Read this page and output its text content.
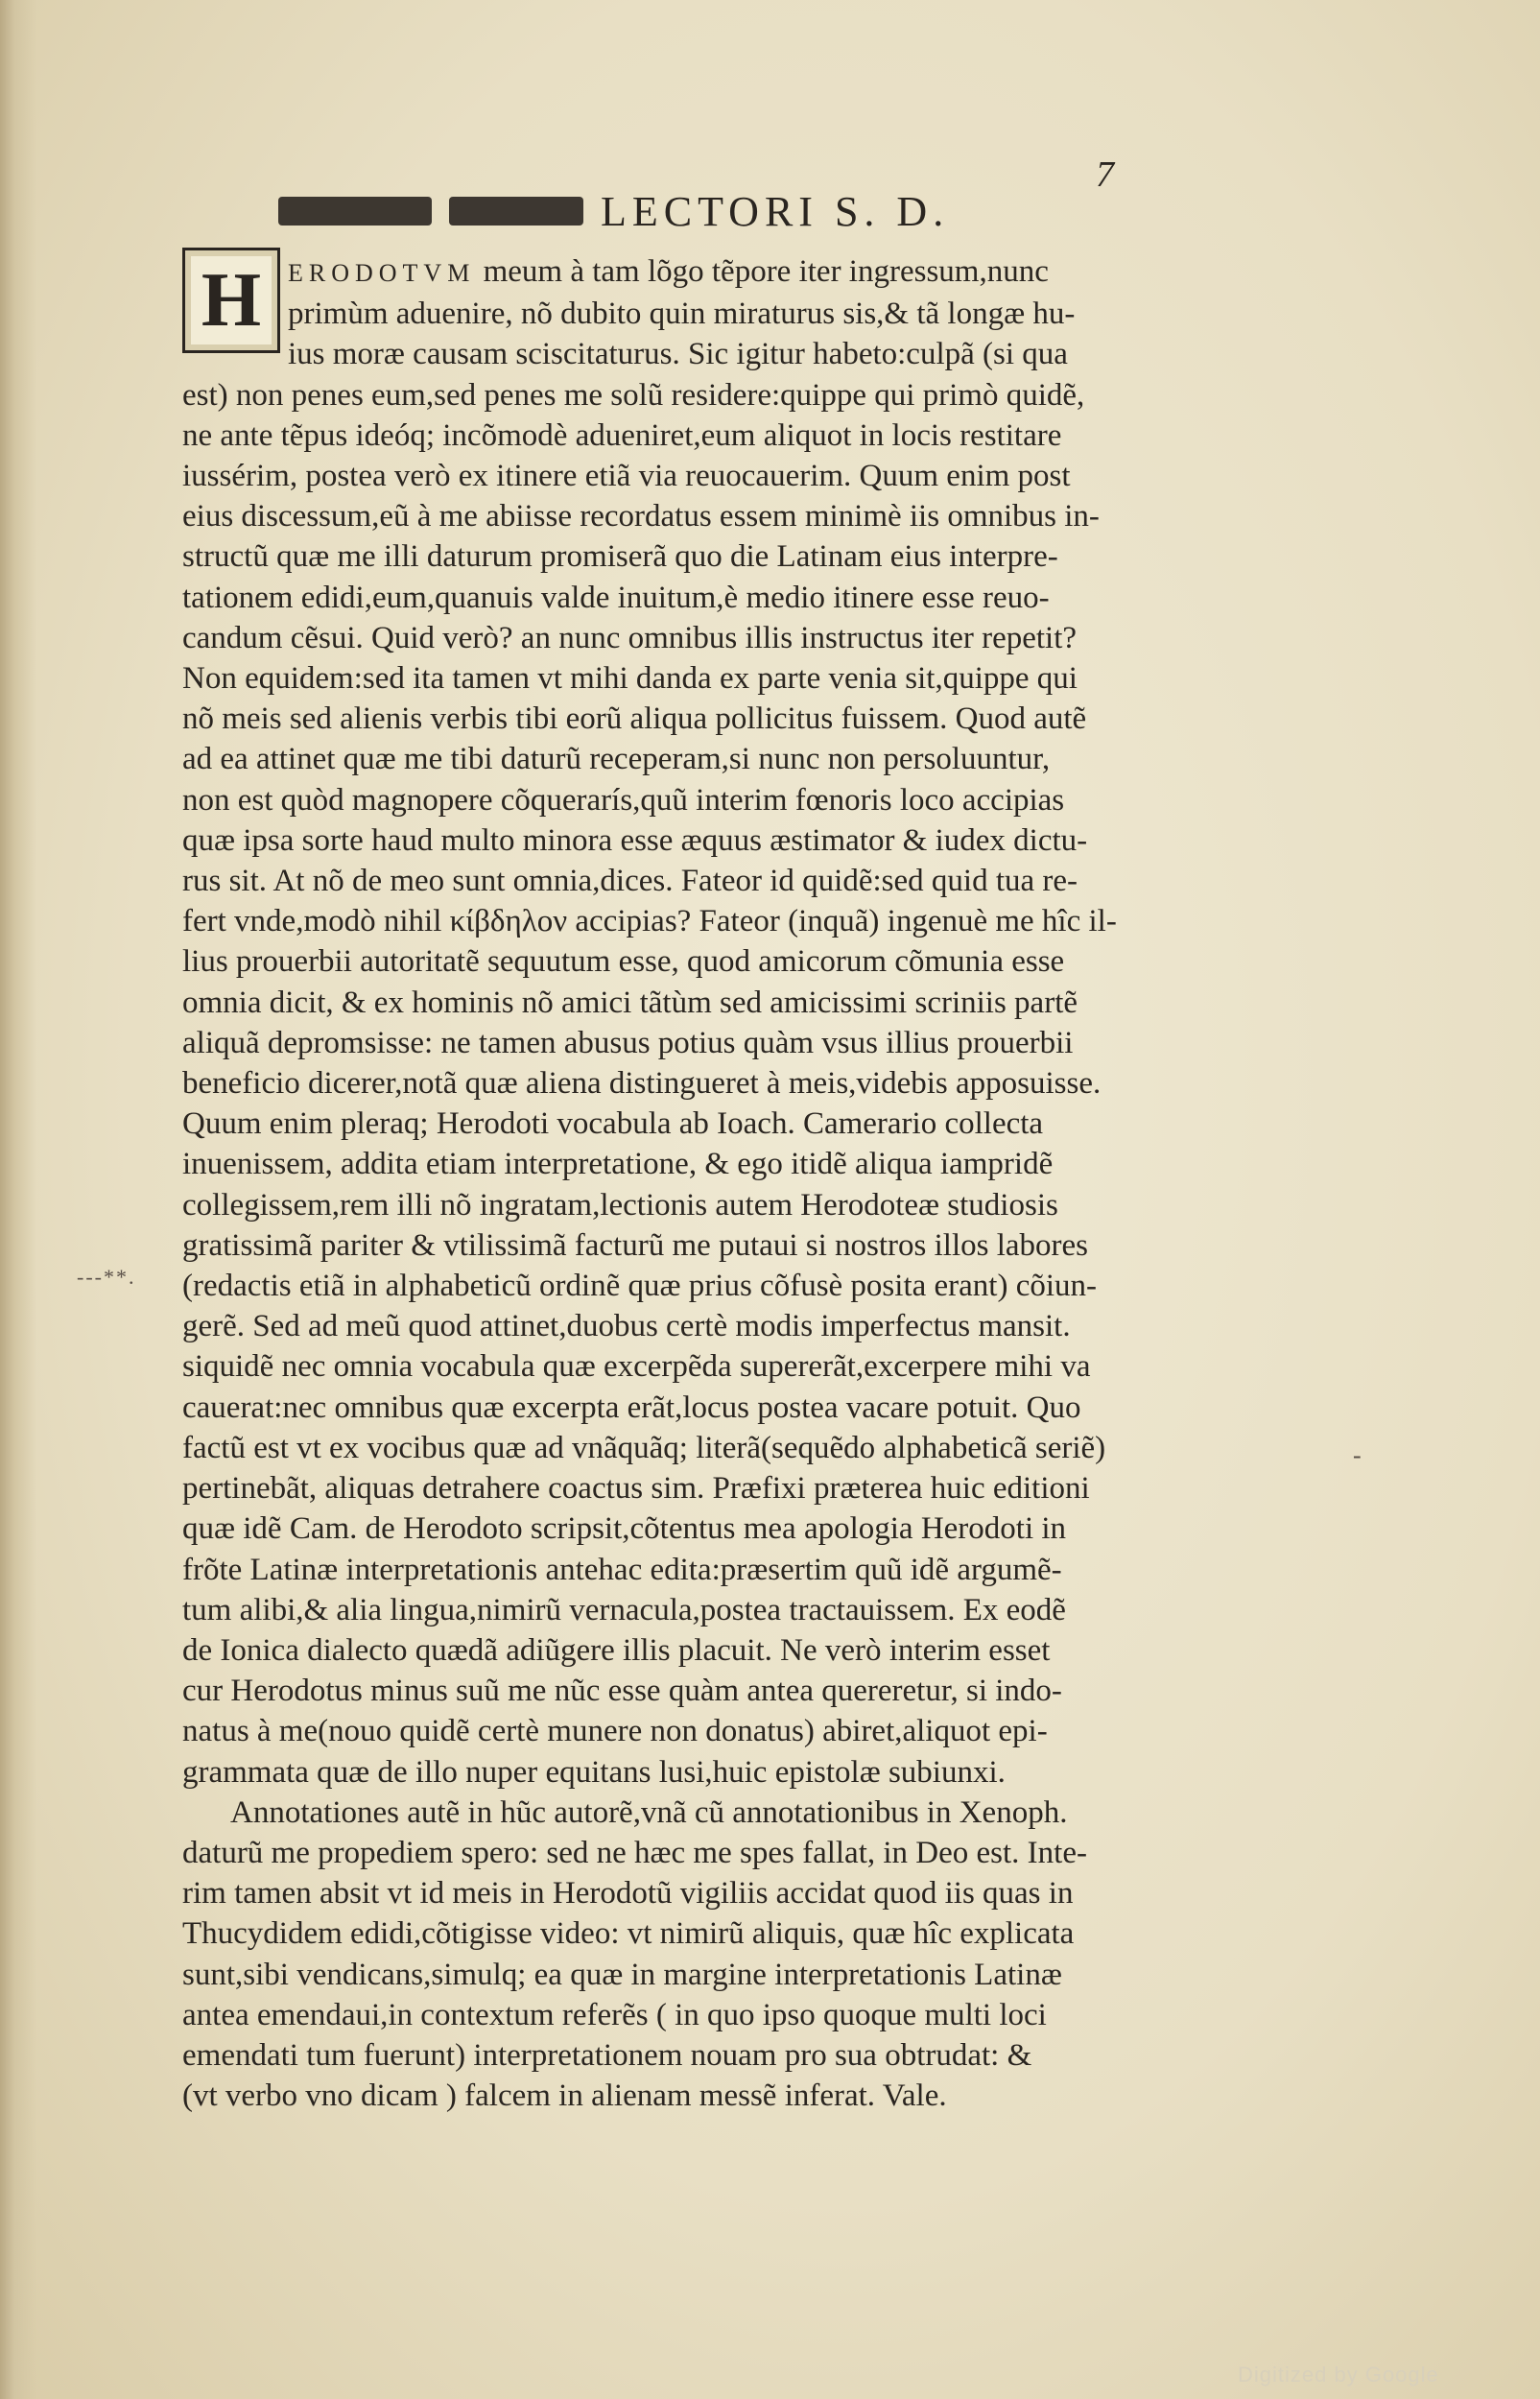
7
LECTORI S. D.
H	ERODOTVM meum à tam lõgo tẽpore iter ingressum,nunc
primùm aduenire, nõ dubito quin miraturus sis,& tã longæ hu-
ius moræ causam sciscitaturus. Sic igitur habeto:culpã (si qua
est) non penes eum,sed penes me solũ residere:quippe qui primò quidẽ,
ne ante tẽpus ideóq; incõmodè adueniret,eum aliquot in locis restitare
iussérim, postea verò ex itinere etiã via reuocauerim. Quum enim post
eius discessum,eũ à me abiisse recordatus essem minimè iis omnibus in-
structũ quæ me illi daturum promiserã quo die Latinam eius interpre-
tationem edidi,eum,quanuis valde inuitum,è medio itinere esse reuo-
candum cẽsui. Quid verò? an nunc omnibus illis instructus iter repetit?
Non equidem:sed ita tamen vt mihi danda ex parte venia sit,quippe qui
nõ meis sed alienis verbis tibi eorũ aliqua pollicitus fuissem. Quod autẽ
ad ea attinet quæ me tibi daturũ receperam,si nunc non persoluuntur,
non est quòd magnopere cõquerarís,quũ interim fœnoris loco accipias
quæ ipsa sorte haud multo minora esse æquus æstimator & iudex dictu-
rus sit. At nõ de meo sunt omnia,dices. Fateor id quidẽ:sed quid tua re-
fert vnde,modò nihil κίβδηλον accipias? Fateor (inquã) ingenuè me hîc il-
lius prouerbii autoritatẽ sequutum esse, quod amicorum cõmunia esse
omnia dicit, & ex hominis nõ amici tãtùm sed amicissimi scriniis partẽ
aliquã depromsisse: ne tamen abusus potius quàm vsus illius prouerbii
beneficio dicerer,notã quæ aliena distingueret à meis,videbis apposuisse.
Quum enim pleraq; Herodoti vocabula ab Ioach. Camerario collecta
inuenissem, addita etiam interpretatione, & ego itidẽ aliqua iampridẽ
collegissem,rem illi nõ ingratam,lectionis autem Herodoteæ studiosis
gratissimã pariter & vtilissimã facturũ me putaui si nostros illos labores
(redactis etiã in alphabeticũ ordinẽ quæ prius cõfusè posita erant) cõiun-
gerẽ. Sed ad meũ quod attinet,duobus certè modis imperfectus mansit.
siquidẽ nec omnia vocabula quæ excerpẽda supererãt,excerpere mihi va
cauerat:nec omnibus quæ excerpta erãt,locus postea vacare potuit. Quo
factũ est vt ex vocibus quæ ad vnãquãq; literã(sequẽdo alphabeticã seriẽ)
pertinebãt, aliquas detrahere coactus sim. Præfixi præterea huic editioni
quæ idẽ Cam. de Herodoto scripsit,cõtentus mea apologia Herodoti in
frõte Latinæ interpretationis antehac edita:præsertim quũ idẽ argumẽ-
tum alibi,& alia lingua,nimirũ vernacula,postea tractauissem. Ex eodẽ
de Ionica dialecto quædã adiũgere illis placuit. Ne verò interim esset
cur Herodotus minus suũ me nũc esse quàm antea quereretur, si indo-
natus à me(nouo quidẽ certè munere non donatus) abiret,aliquot epi-
grammata quæ de illo nuper equitans lusi,huic epistolæ subiunxi.
Annotationes autẽ in hũc autorẽ,vnã cũ annotationibus in Xenoph.
daturũ me propediem spero: sed ne hæc me spes fallat, in Deo est. Inte-
rim tamen absit vt id meis in Herodotũ vigiliis accidat quod iis quas in
Thucydidem edidi,cõtigisse video: vt nimirũ aliquis, quæ hîc explicata
sunt,sibi vendicans,simulq; ea quæ in margine interpretationis Latinæ
antea emendaui,in contextum referẽs ( in quo ipso quoque multi loci
emendati tum fuerunt) interpretationem nouam pro sua obtrudat: &
(vt verbo vno dicam ) falcem in alienam messẽ inferat. Vale.
---**.
-
Digitized by Google
